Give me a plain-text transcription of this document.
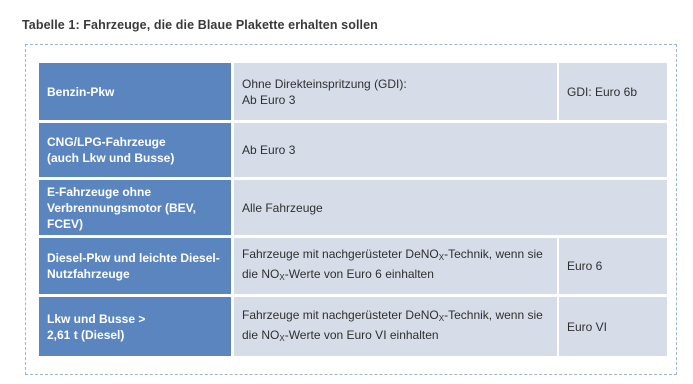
Tabelle 1: Fahrzeuge, die die Blaue Plakette erhalten sollen
Benzin-Pkw
Ohne Direkteinspritzung (GDI):
Ab Euro 3
GDI: Euro 6b
CNG/LPG-Fahrzeuge
(auch Lkw und Busse)
Ab Euro 3
E-Fahrzeuge ohne
Verbrennungsmotor (BEV, FCEV)
Alle Fahrzeuge
Diesel-Pkw und leichte Diesel-
Nutzfahrzeuge
Fahrzeuge mit nachgerüsteter DeNO$_X$-Technik, wenn sie
die $NO_X$-Werte von Euro 6 einhalten
Euro 6
Lkw und Busse >
2,61 t (Diesel)
Fahrzeuge mit nachgerüsteter DeNO$_X$-Technik, wenn sie
die $NO_X$-Werte von Euro VI einhalten
Euro VI
